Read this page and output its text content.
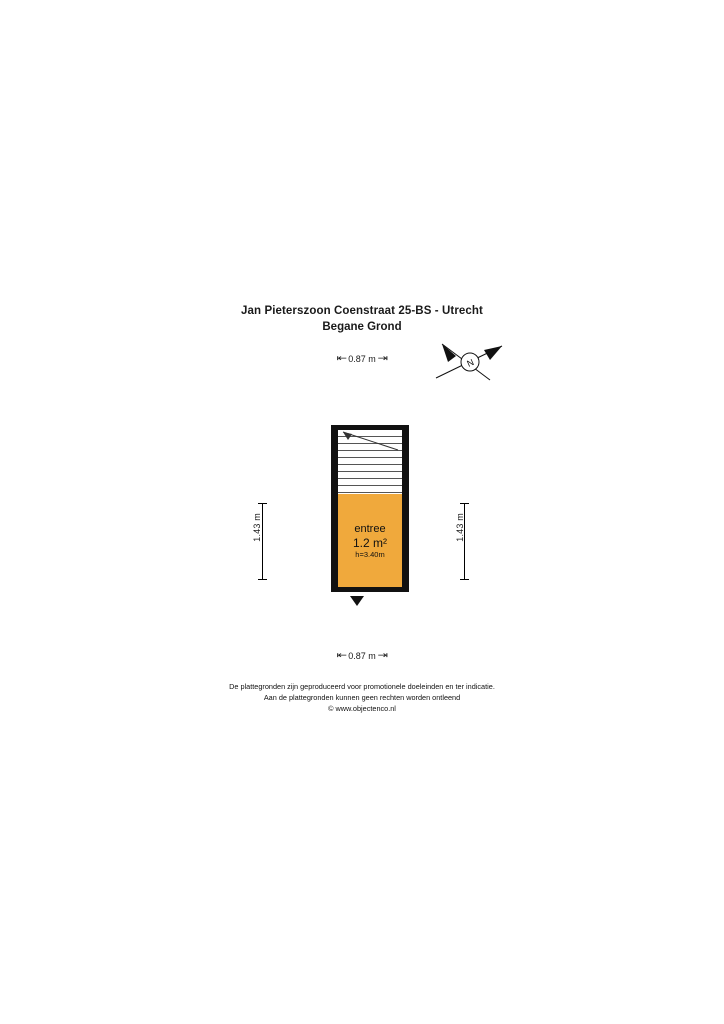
Jan Pieterszoon Coenstraat 25-BS - Utrecht
Begane Grond
N
⇤0.87 m⇥
1.43 m	1.43 m
entree
1.2 m²
h=3.40m
⇤0.87 m⇥
De plattegronden zijn geproduceerd voor promotionele doeleinden en ter indicatie.
Aan de plattegronden kunnen geen rechten worden ontleend
© www.objectenco.nl
